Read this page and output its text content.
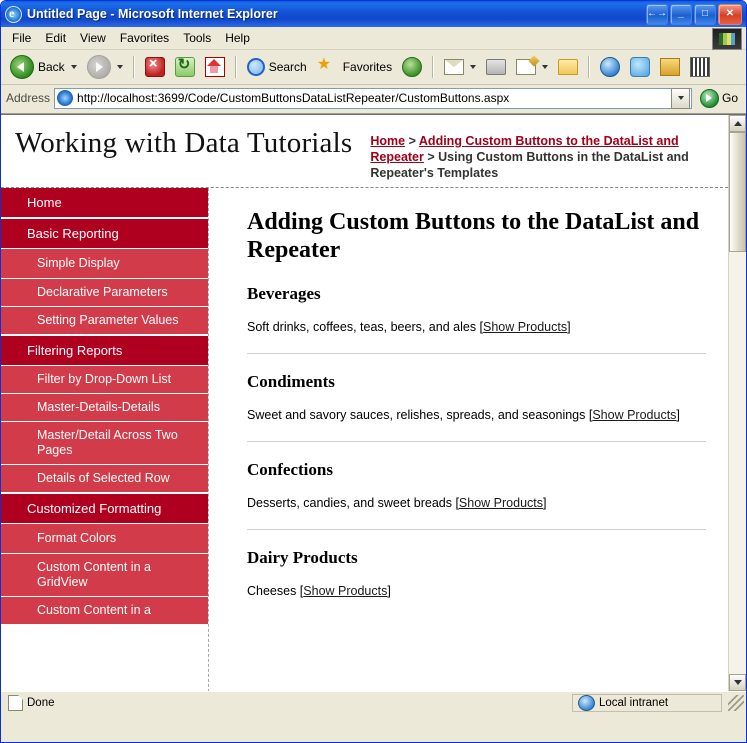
e
Untitled Page - Microsoft Internet Explorer	←→ _ □ ✕
File	Edit	View	Favorites	Tools	Help
Back × ↻	Search ★ Favorites
Address http://localhost:3699/Code/CustomButtonsDataListRepeater/CustomButtons.aspx	Go
Working with Data Tutorials Home > Adding Custom Buttons to the DataList and Repeater > Using Custom Buttons in the DataList and Repeater's Templates
Home
Basic Reporting
Simple Display
Declarative Parameters
Setting Parameter Values
Filtering Reports
Filter by Drop-Down List
Master-Details-Details
Master/Detail Across Two Pages
Details of Selected Row
Customized Formatting
Format Colors
Custom Content in a GridView
Custom Content in a
Adding Custom Buttons to the DataList and Repeater
Beverages
Soft drinks, coffees, teas, beers, and ales [Show Products]
Condiments
Sweet and savory sauces, relishes, spreads, and seasonings [Show Products]
Confections
Desserts, candies, and sweet breads [Show Products]
Dairy Products
Cheeses [Show Products]
Done	Local intranet
